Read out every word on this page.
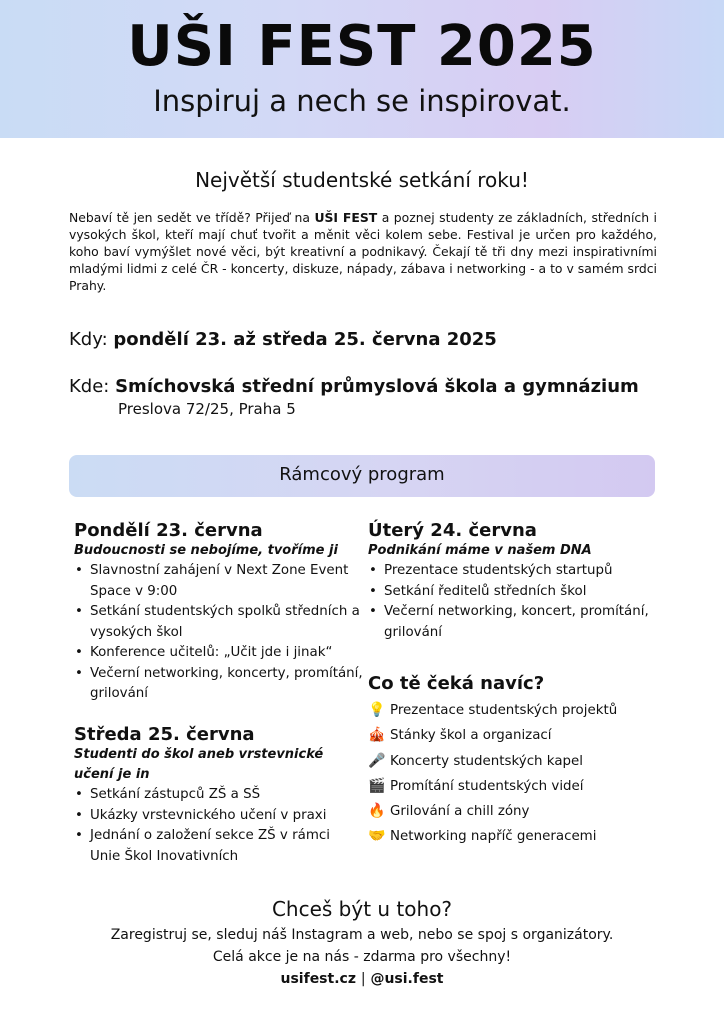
UŠI FEST 2025
Inspiruj a nech se inspirovat.
Největší studentské setkání roku!

Nebaví tě jen sedět ve třídě? Přijeď na UŠI FEST a poznej studenty ze základních, středních i vysokých škol, kteří mají chuť tvořit a měnit věci kolem sebe. Festival je určen pro každého, koho baví vymýšlet nové věci, být kreativní a podnikavý. Čekají tě tři dny mezi inspirativními mladými lidmi z celé ČR - koncerty, diskuze, nápady, zábava i networking - a to v samém srdci Prahy.

Kdy: pondělí 23. až středa 25. června 2025
Kde: Smíchovská střední průmyslová škola a gymnázium
Preslova 72/25, Praha 5
Rámcový program
Pondělí 23. června
Budoucnosti se nebojíme, tvoříme ji
• Slavnostní zahájení v Next Zone Event Space v 9:00
• Setkání studentských spolků středních a vysokých škol
• Konference učitelů: „Učit jde i jinak“
• Večerní networking, koncerty, promítání, grilování
Středa 25. června
Studenti do škol aneb vrstevnické učení je in
• Setkání zástupců ZŠ a SŠ
• Ukázky vrstevnického učení v praxi
• Jednání o založení sekce ZŠ v rámci Unie Škol Inovativních
Úterý 24. června
Podnikání máme v našem DNA
• Prezentace studentských startupů
• Setkání ředitelů středních škol
• Večerní networking, koncert, promítání, grilování
Co tě čeká navíc?
💡 Prezentace studentských projektů
🎪 Stánky škol a organizací
🎤 Koncerty studentských kapel
🎬 Promítání studentských videí
🔥 Grilování a chill zóny
🤝 Networking napříč generacemi
Chceš být u toho?
Zaregistruj se, sleduj náš Instagram a web, nebo se spoj s organizátory.
Celá akce je na nás - zdarma pro všechny!
usifest.cz | @usi.fest
